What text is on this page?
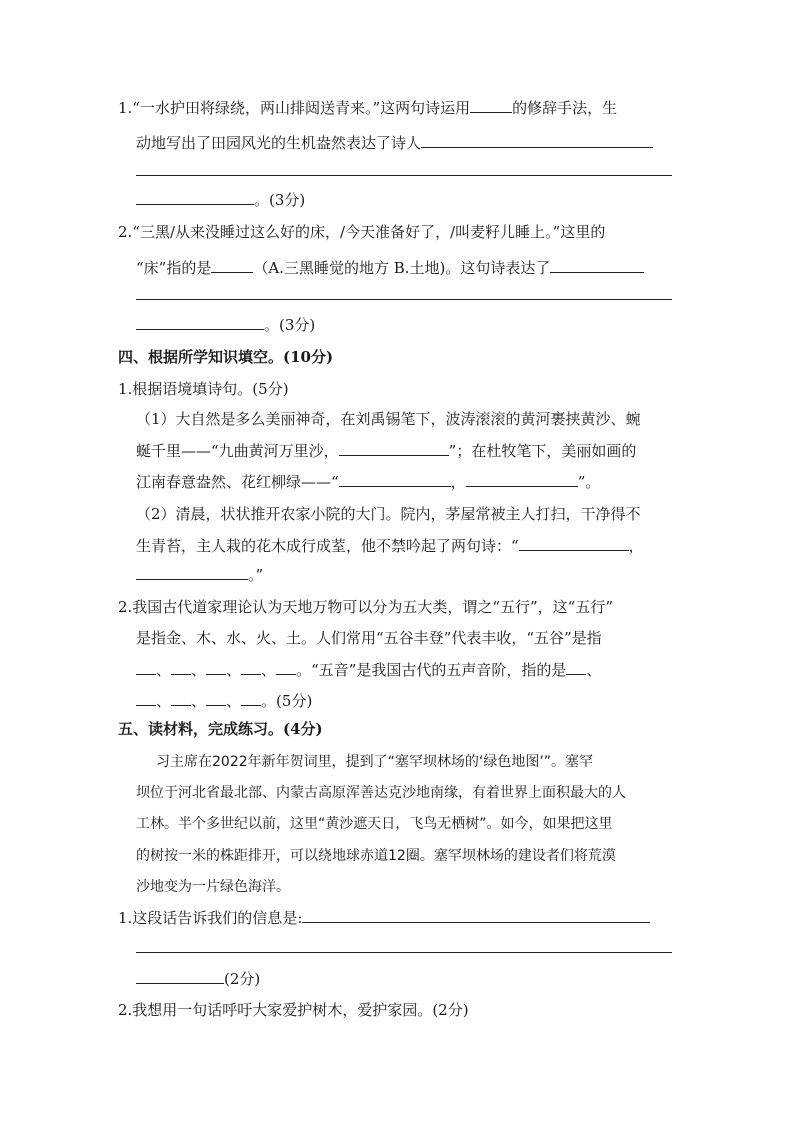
1.“一水护田将绿绕，两山排闼送青来。”这两句诗运用	的修辞手法，生
动地写出了田园风光的生机盎然表达了诗人
。(3分)
2.“三黑/从来没睡过这么好的床，/今天准备好了，/叫麦籽儿睡上。”这里的
“床”指的是	（A.三黑睡觉的地方 B.土地)。这句诗表达了
。(3分)
四、根据所学知识填空。(10分)
1.根据语境填诗句。(5分)
（1）大自然是多么美丽神奇，在刘禹锡笔下，波涛滚滚的黄河裹挟黄沙、蜿
蜒千里——“九曲黄河万里沙，	”；在杜牧笔下，美丽如画的
江南春意盎然、花红柳绿——“	，	”。
（2）清晨，状状推开农家小院的大门。院内，茅屋常被主人打扫，干净得不
生青苔，主人栽的花木成行成荎，他不禁吟起了两句诗：“	，
。”
2.我国古代道家理论认为天地万物可以分为五大类，谓之“五行”，这“五行”
是指金、木、水、火、土。人们常用“五谷丰登”代表丰收，“五谷”是指
、 、 、 、 。“五音”是我国古代的五声音阶，指的是 、
、 、 、 。(5分)
五、读材料，完成练习。(4分)
习主席在2022年新年贺词里，提到了“塞罕坝林场的‘绿色地图’”。塞罕
坝位于河北省最北部、内蒙古高原浑善达克沙地南缘，有着世界上面积最大的人
工林。半个多世纪以前，这里“黄沙遮天日，飞鸟无栖树”。如今，如果把这里
的树按一米的株距排开，可以绕地球赤道12圈。塞罕坝林场的建设者们将荒漠
沙地变为一片绿色海洋。
1.这段话告诉我们的信息是:
(2分)
2.我想用一句话呼吁大家爱护树木，爱护家园。(2分)
